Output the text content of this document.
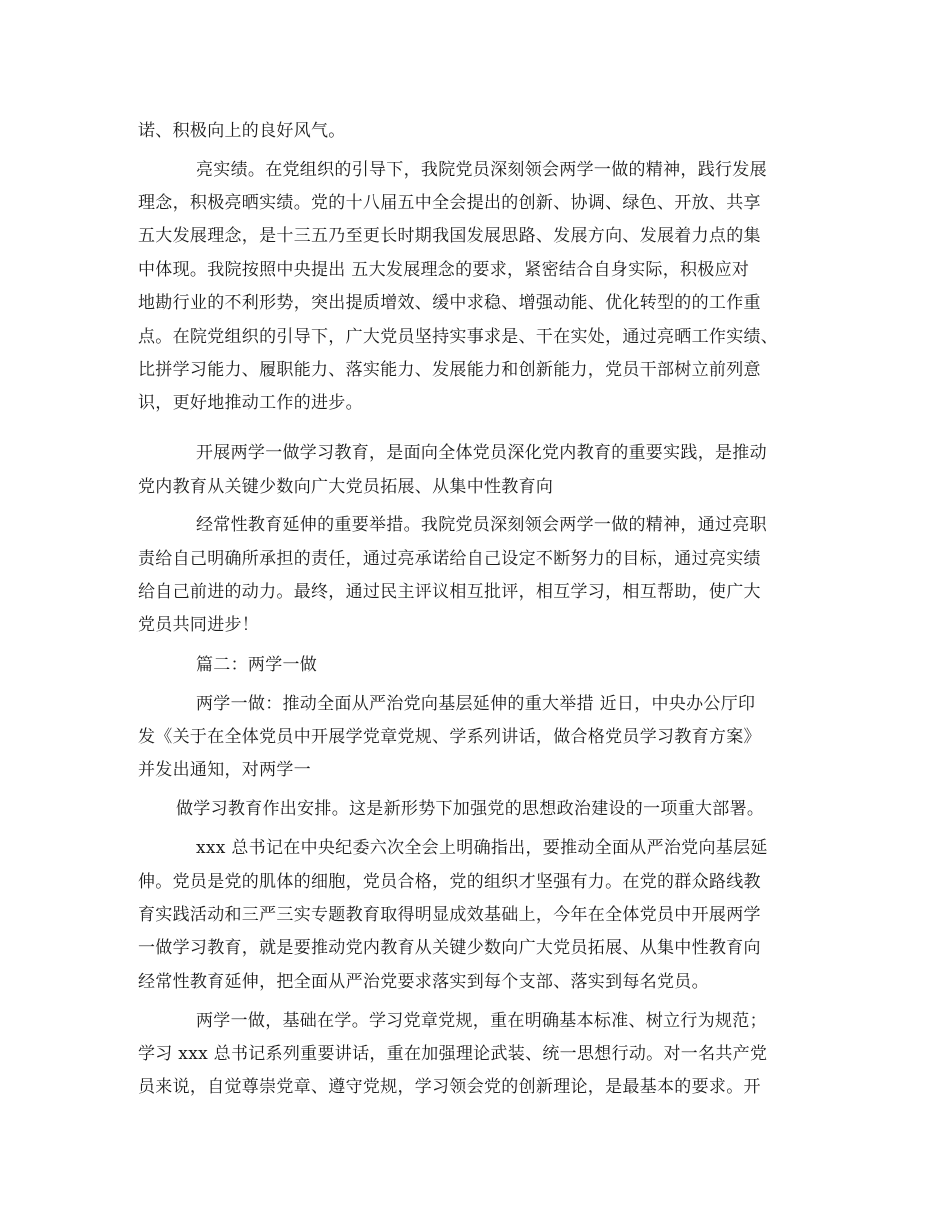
诺、积极向上的良好风气。
亮实绩。在党组织的引导下，我院党员深刻领会两学一做的精神，践行发展
理念，积极亮晒实绩。党的十八届五中全会提出的创新、协调、绿色、开放、共享
五大发展理念，是十三五乃至更长时期我国发展思路、发展方向、发展着力点的集
中体现。我院按照中央提出 五大发展理念的要求，紧密结合自身实际，积极应对
地勘行业的不利形势，突出提质增效、缓中求稳、增强动能、优化转型的的工作重
点。在院党组织的引导下，广大党员坚持实事求是、干在实处，通过亮晒工作实绩、
比拼学习能力、履职能力、落实能力、发展能力和创新能力，党员干部树立前列意
识，更好地推动工作的进步。
开展两学一做学习教育，是面向全体党员深化党内教育的重要实践，是推动
党内教育从关键少数向广大党员拓展、从集中性教育向
经常性教育延伸的重要举措。我院党员深刻领会两学一做的精神，通过亮职
责给自己明确所承担的责任，通过亮承诺给自己设定不断努力的目标，通过亮实绩
给自己前进的动力。最终，通过民主评议相互批评，相互学习，相互帮助，使广大
党员共同进步！
篇二：两学一做
两学一做：推动全面从严治党向基层延伸的重大举措 近日，中央办公厅印
发《关于在全体党员中开展学党章党规、学系列讲话，做合格党员学习教育方案》
并发出通知，对两学一
做学习教育作出安排。这是新形势下加强党的思想政治建设的一项重大部署。
xxx 总书记在中央纪委六次全会上明确指出，要推动全面从严治党向基层延
伸。党员是党的肌体的细胞，党员合格，党的组织才坚强有力。在党的群众路线教
育实践活动和三严三实专题教育取得明显成效基础上，今年在全体党员中开展两学
一做学习教育，就是要推动党内教育从关键少数向广大党员拓展、从集中性教育向
经常性教育延伸，把全面从严治党要求落实到每个支部、落实到每名党员。
两学一做，基础在学。学习党章党规，重在明确基本标准、树立行为规范；
学习 xxx 总书记系列重要讲话，重在加强理论武装、统一思想行动。对一名共产党
员来说，自觉尊崇党章、遵守党规，学习领会党的创新理论，是最基本的要求。开
